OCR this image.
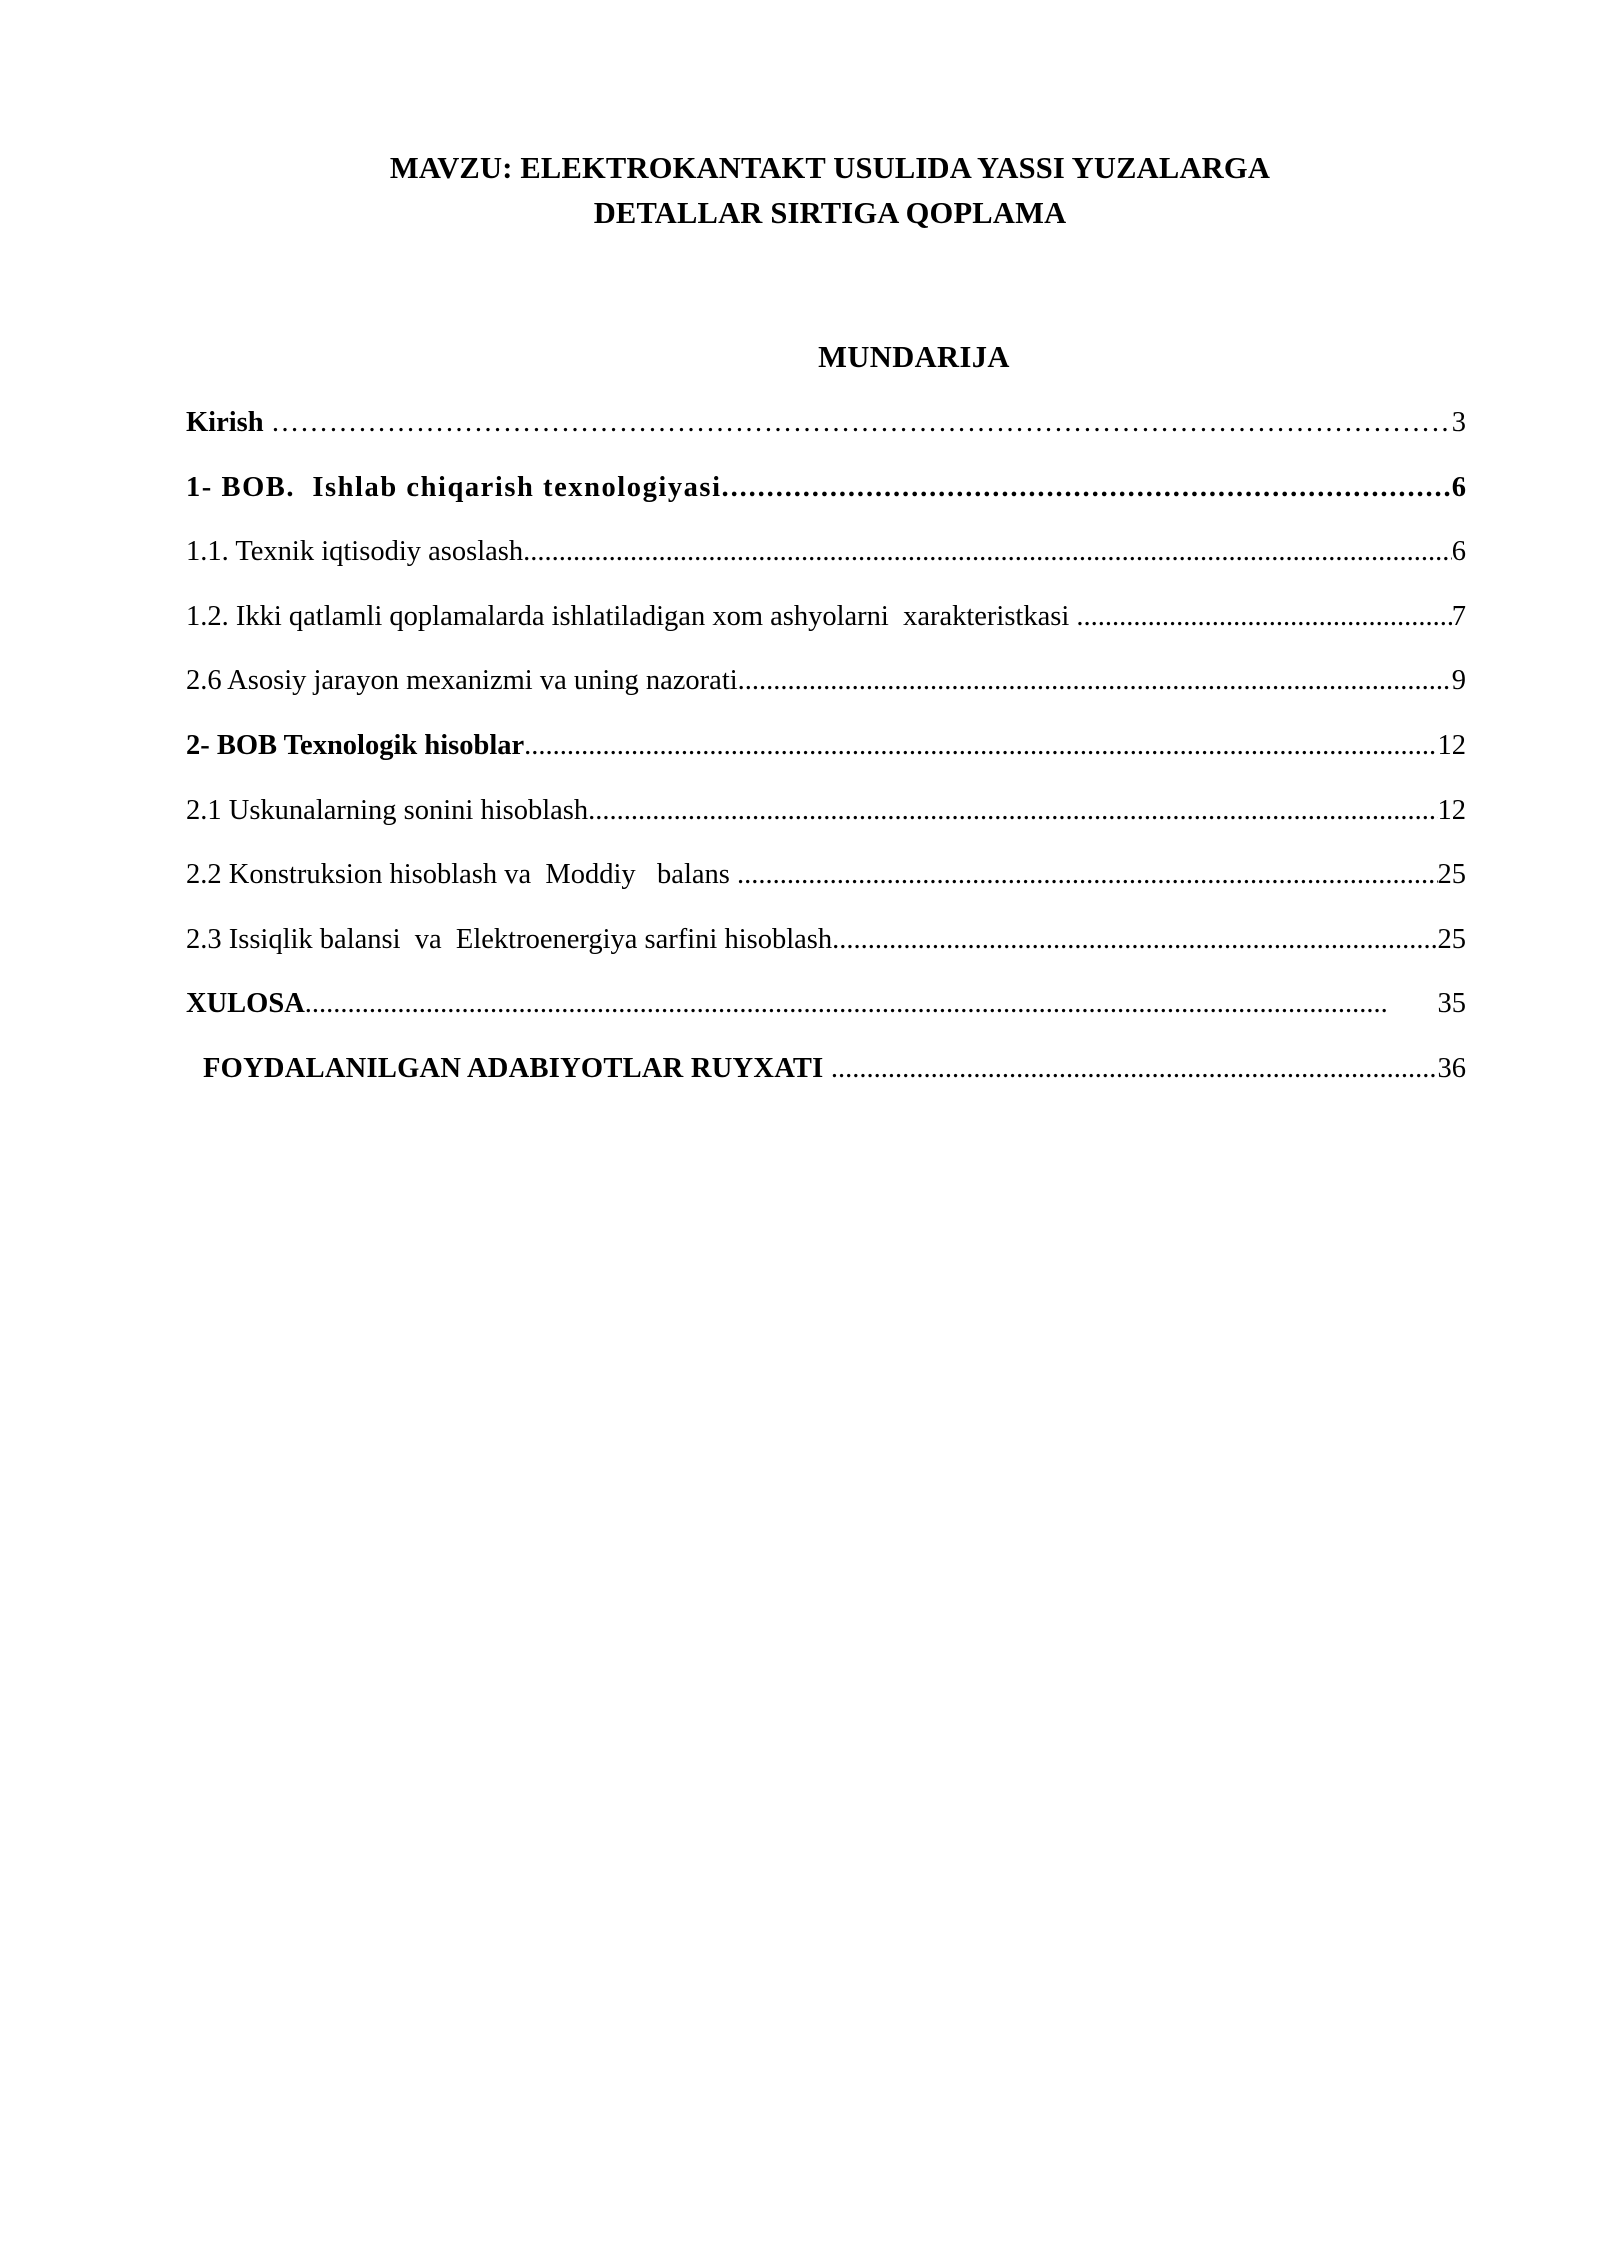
MAVZU: ELEKTROKANTAKT USULIDA YASSI YUZALARGA
DETALLAR SIRTIGA QOPLAMA
MUNDARIJA
Kirish …………………………………………………………………………………………………………………………………………	3
1- BOB.  Ishlab chiqarish texnologiyasi .....	6
1.1. Texnik iqtisodiy asoslash .....	6
1.2. Ikki qatlamli qoplamalarda ishlatiladigan xom ashyolarni  xarakteristkasi .....	7
2.6 Asosiy jarayon mexanizmi va uning nazorati .....	9
2- BOB Texnologik hisoblar .....	12
2.1 Uskunalarning sonini hisoblash .....	12
2.2 Konstruksion hisoblash va  Moddiy   balans .....	25
2.3 Issiqlik balansi  va  Elektroenergiya sarfini hisoblash .....	25
XULOSA .....	35
FOYDALANILGAN ADABIYOTLAR RUYXATI .....	36
